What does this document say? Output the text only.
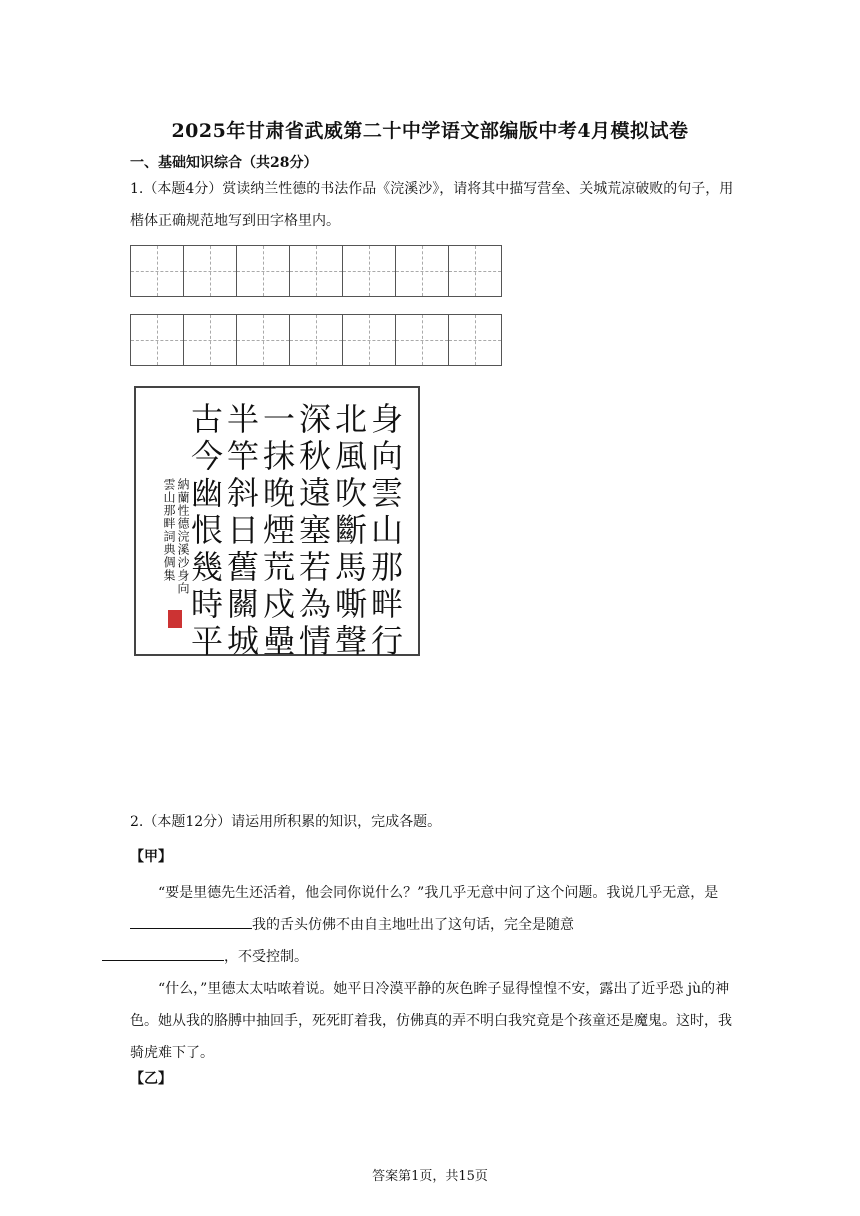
2025年甘肃省武威第二十中学语文部编版中考4月模拟试卷
一、基础知识综合（共28分）
1.（本题4分）赏读纳兰性德的书法作品《浣溪沙》，请将其中描写营垒、关城荒凉破败的句子，用楷体正确规范地写到田字格里内。
身向雲山那畔行
北風吹斷馬嘶聲
深秋遠塞若為情
一抹晚煙荒戍壘
半竿斜日舊關城
古今幽恨幾時平
納蘭性德浣溪沙身向
雲山那畔詞典倜集
2.（本题12分）请运用所积累的知识，完成各题。
【甲】
“要是里德先生还活着，他会同你说什么？”我几乎无意中问了这个问题。我说几乎无意，是我的舌头仿佛不由自主地吐出了这句话，完全是随意
，不受控制。
“什么，”里德太太咕哝着说。她平日冷漠平静的灰色眸子显得惶惶不安，露出了近乎恐 jù的神色。她从我的胳膊中抽回手，死死盯着我，仿佛真的弄不明白我究竟是个孩童还是魔鬼。这时，我骑虎难下了。
【乙】
答案第1页，共15页
